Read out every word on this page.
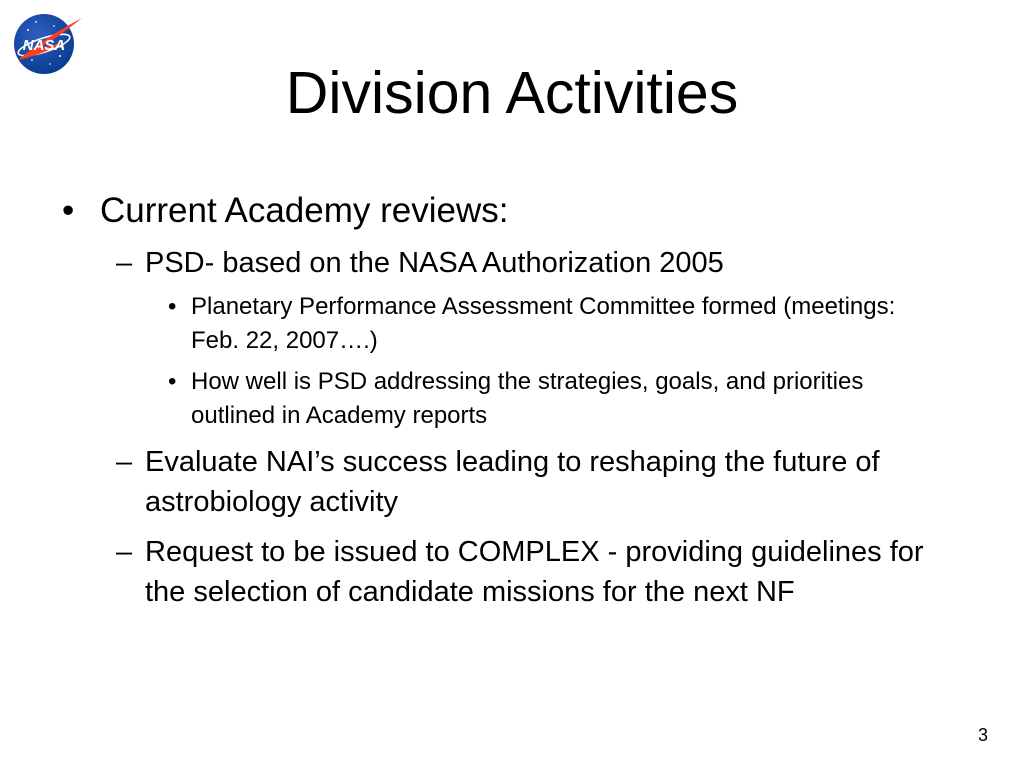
NASA
Division Activities
• Current Academy reviews:
– PSD- based on the NASA Authorization 2005
• Planetary Performance Assessment Committee formed (meetings: Feb. 22, 2007….)
• How well is PSD addressing the strategies, goals, and priorities outlined in Academy reports
– Evaluate NAI’s success leading to reshaping the future of astrobiology activity
– Request to be issued to COMPLEX - providing guidelines for the selection of candidate missions for the next NF
3
